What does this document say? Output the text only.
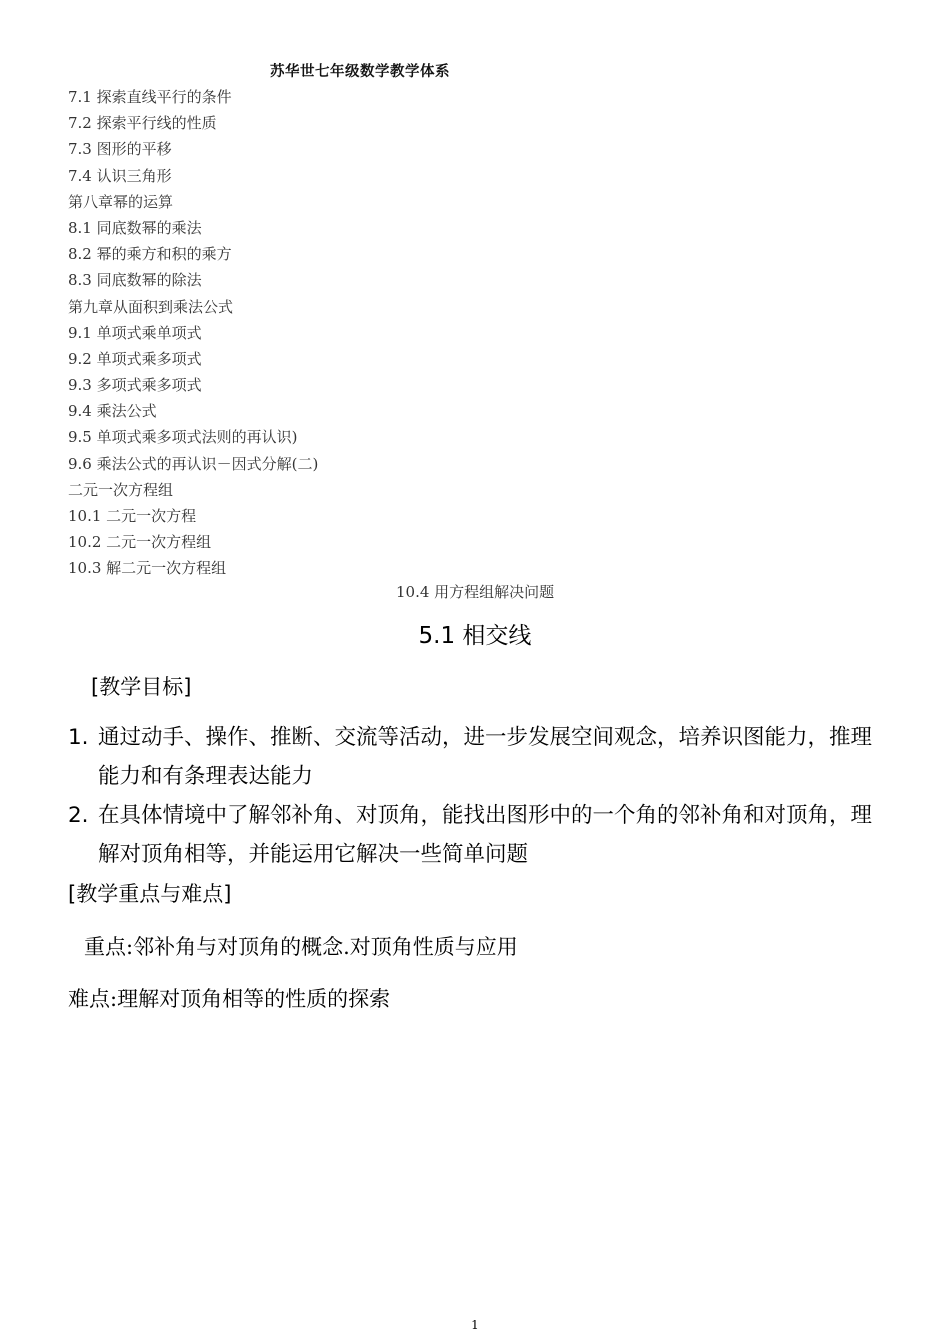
苏华世七年级数学教学体系
7.1 探索直线平行的条件
7.2 探索平行线的性质
7.3 图形的平移
7.4 认识三角形
第八章幂的运算
8.1 同底数幂的乘法
8.2 幂的乘方和积的乘方
8.3 同底数幂的除法
第九章从面积到乘法公式
9.1 单项式乘单项式
9.2 单项式乘多项式
9.3 多项式乘多项式
9.4 乘法公式
9.5 单项式乘多项式法则的再认识)
9.6 乘法公式的再认识－因式分解(二)
二元一次方程组
10.1 二元一次方程
10.2 二元一次方程组
10.3 解二元一次方程组
10.4 用方程组解决问题
5.1 相交线
[教学目标]
1. 通过动手、操作、推断、交流等活动，进一步发展空间观念，培养识图能力，推理能力和有条理表达能力
2. 在具体情境中了解邻补角、对顶角，能找出图形中的一个角的邻补角和对顶角，理解对顶角相等，并能运用它解决一些简单问题
[教学重点与难点]
重点:邻补角与对顶角的概念.对顶角性质与应用
难点:理解对顶角相等的性质的探索
1
